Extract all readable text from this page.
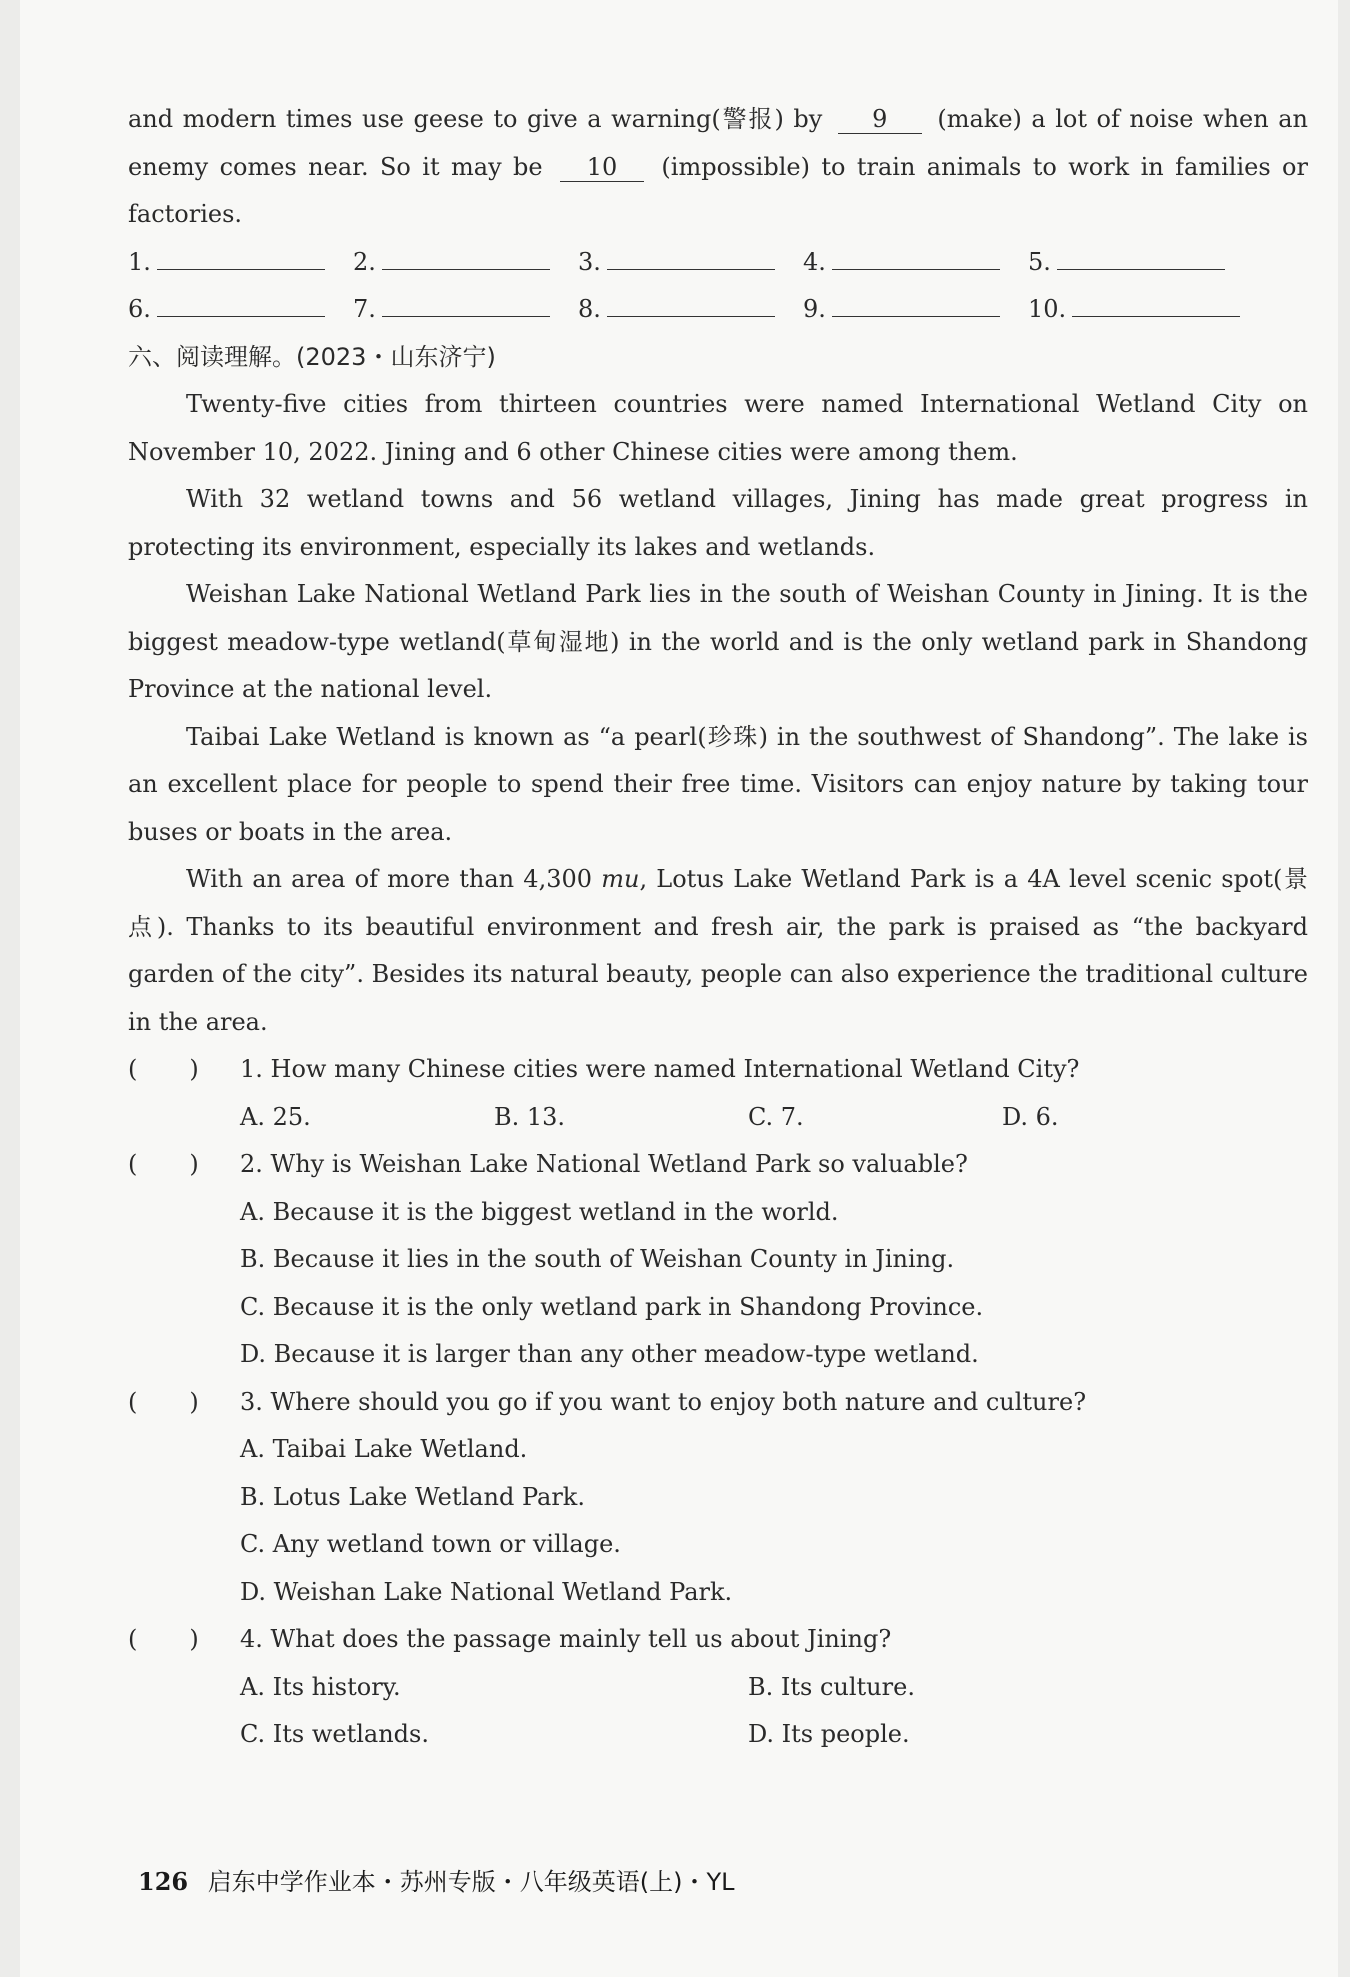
and modern times use geese to give a warning(警报) by 9 (make) a lot of noise when an enemy comes near. So it may be 10 (impossible) to train animals to work in families or factories.

1.	2.	3.	4.	5.
6.	7.	8.	9.	10.

六、阅读理解。(2023・山东济宁)

Twenty-five cities from thirteen countries were named International Wetland City on November 10, 2022. Jining and 6 other Chinese cities were among them.

With 32 wetland towns and 56 wetland villages, Jining has made great progress in protecting its environment, especially its lakes and wetlands.

Weishan Lake National Wetland Park lies in the south of Weishan County in Jining. It is the biggest meadow-type wetland(草甸湿地) in the world and is the only wetland park in Shandong Province at the national level.

Taibai Lake Wetland is known as “a pearl(珍珠) in the southwest of Shandong”. The lake is an excellent place for people to spend their free time. Visitors can enjoy nature by taking tour buses or boats in the area.

With an area of more than 4,300 mu, Lotus Lake Wetland Park is a 4A level scenic spot(景点). Thanks to its beautiful environment and fresh air, the park is praised as “the backyard garden of the city”. Besides its natural beauty, people can also experience the traditional culture in the area.

( )	1. How many Chinese cities were named International Wetland City?
A. 25.	B. 13.	C. 7.	D. 6.
( )	2. Why is Weishan Lake National Wetland Park so valuable?

A. Because it is the biggest wetland in the world.

B. Because it lies in the south of Weishan County in Jining.

C. Because it is the only wetland park in Shandong Province.

D. Because it is larger than any other meadow-type wetland.

( )	3. Where should you go if you want to enjoy both nature and culture?

A. Taibai Lake Wetland.

B. Lotus Lake Wetland Park.

C. Any wetland town or village.

D. Weishan Lake National Wetland Park.

( )	4. What does the passage mainly tell us about Jining?
A. Its history.	B. Its culture.
C. Its wetlands.	D. Its people.
126 启东中学作业本・苏州专版・八年级英语(上)・YL
